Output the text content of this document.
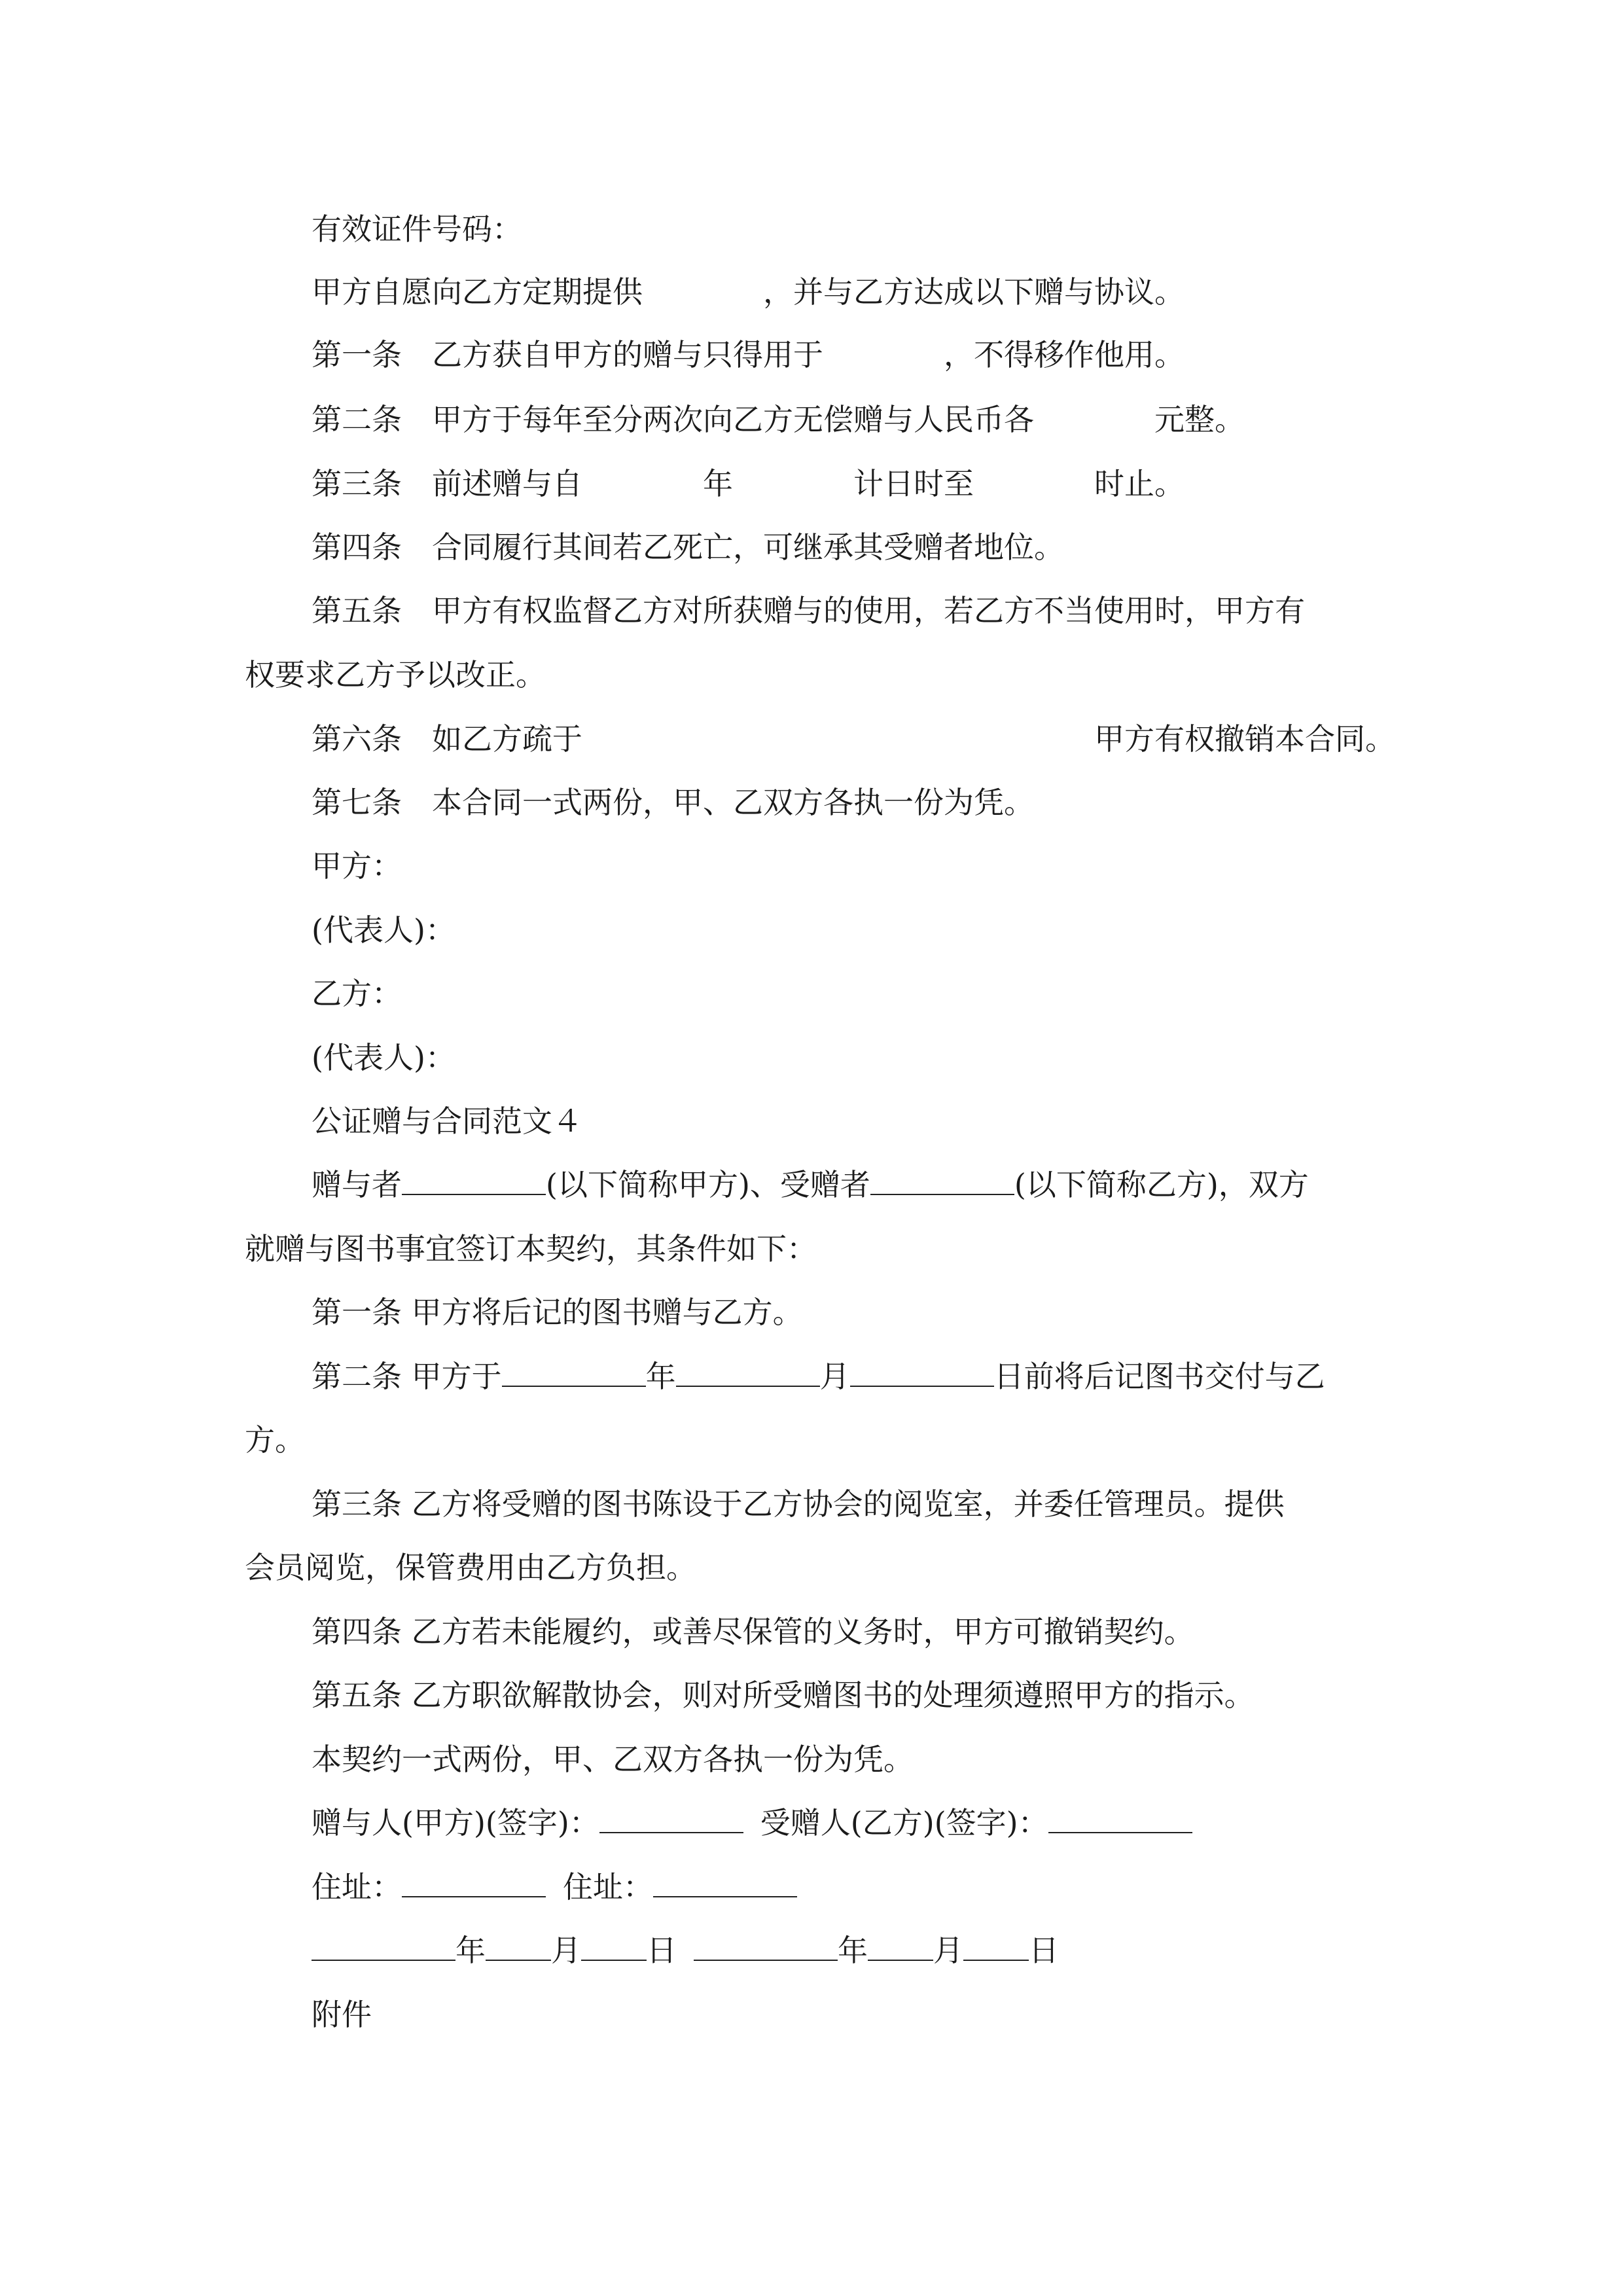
有效证件号码：
甲方自愿向乙方定期提供　　　　，并与乙方达成以下赠与协议。
第一条　乙方获自甲方的赠与只得用于　　　　，不得移作他用。
第二条　甲方于每年至分两次向乙方无偿赠与人民币各　　　　元整。
第三条　前述赠与自　　　　年　　　　计日时至　　　　时止。
第四条　合同履行其间若乙死亡，可继承其受赠者地位。
第五条　甲方有权监督乙方对所获赠与的使用，若乙方不当使用时，甲方有
权要求乙方予以改正。
第六条　如乙方疏于　　　　　　　　　　　　　　　　　甲方有权撤销本合同。
第七条　本合同一式两份，甲、乙双方各执一份为凭。
甲方：
(代表人)：
乙方：
(代表人)：
公证赠与合同范文４
赠与者	(以下简称甲方)、受赠者	(以下简称乙方)，双方
就赠与图书事宜签订本契约，其条件如下：
第一条 甲方将后记的图书赠与乙方。
第二条 甲方于	年	月	日前将后记图书交付与乙
方。
第三条 乙方将受赠的图书陈设于乙方协会的阅览室，并委任管理员。提供
会员阅览，保管费用由乙方负担。
第四条 乙方若未能履约，或善尽保管的义务时，甲方可撤销契约。
第五条 乙方职欲解散协会，则对所受赠图书的处理须遵照甲方的指示。
本契约一式两份，甲、乙双方各执一份为凭。
赠与人(甲方)(签字)：	受赠人(乙方)(签字)：
住址：	住址：
年 月 日	年 月 日
附件
